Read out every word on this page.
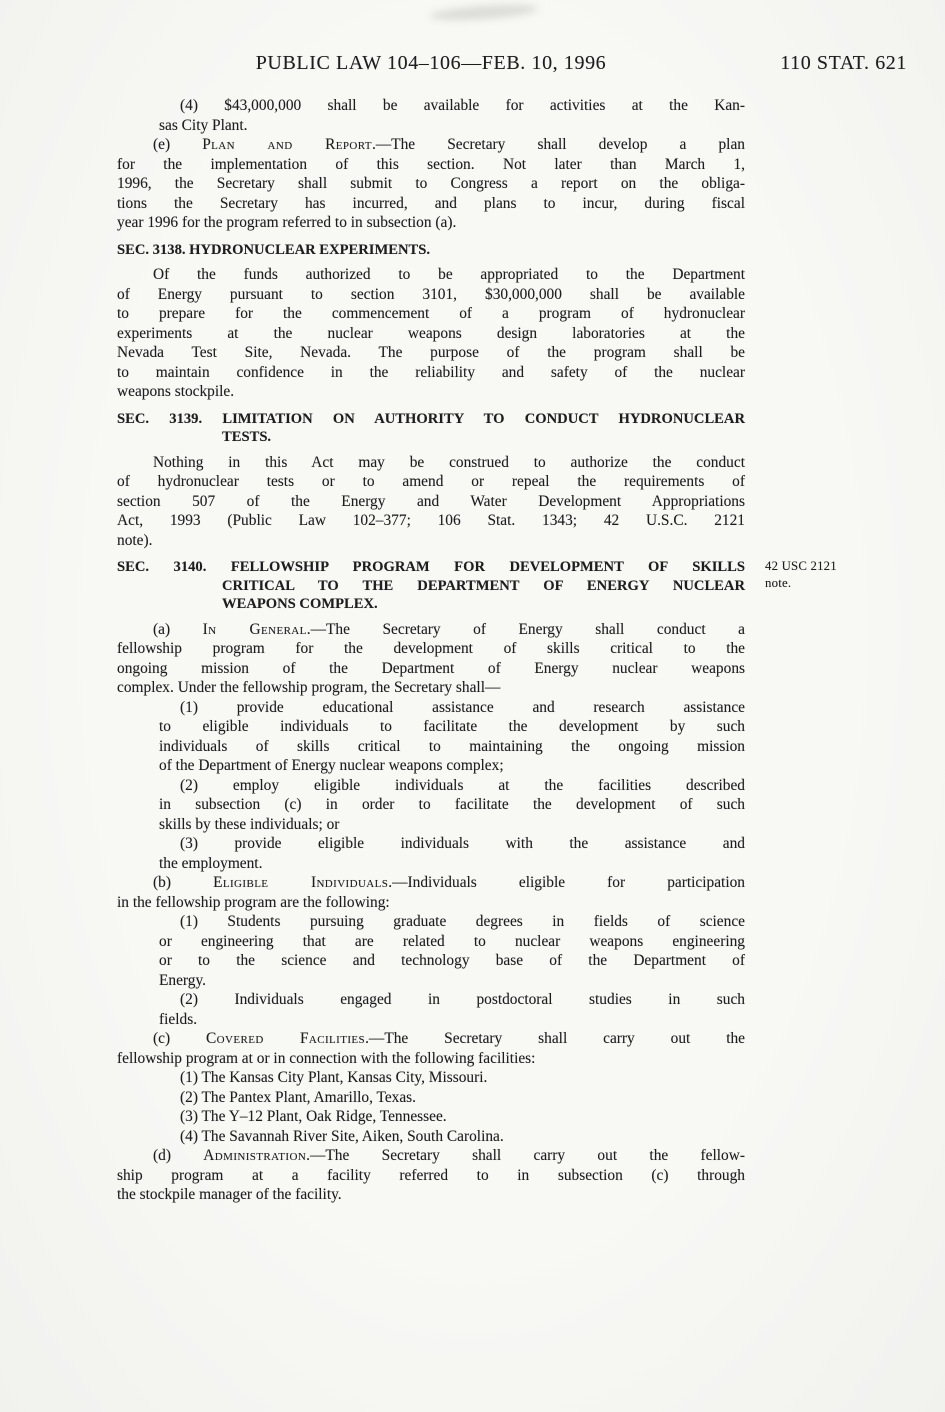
PUBLIC LAW 104–106—FEB. 10, 1996	110 STAT. 621
(4) $43,000,000 shall be available for activities at the Kan-
sas City Plant.
(e) Plan and Report.—The Secretary shall develop a plan
for the implementation of this section. Not later than March 1,
1996, the Secretary shall submit to Congress a report on the obliga-
tions the Secretary has incurred, and plans to incur, during fiscal
year 1996 for the program referred to in subsection (a).
SEC. 3138. HYDRONUCLEAR EXPERIMENTS.
Of the funds authorized to be appropriated to the Department
of Energy pursuant to section 3101, $30,000,000 shall be available
to prepare for the commencement of a program of hydronuclear
experiments at the nuclear weapons design laboratories at the
Nevada Test Site, Nevada. The purpose of the program shall be
to maintain confidence in the reliability and safety of the nuclear
weapons stockpile.
SEC. 3139. LIMITATION ON AUTHORITY TO CONDUCT HYDRONUCLEAR
TESTS.
Nothing in this Act may be construed to authorize the conduct
of hydronuclear tests or to amend or repeal the requirements of
section 507 of the Energy and Water Development Appropriations
Act, 1993 (Public Law 102–377; 106 Stat. 1343; 42 U.S.C. 2121
note).
SEC. 3140. FELLOWSHIP PROGRAM FOR DEVELOPMENT OF SKILLS
CRITICAL TO THE DEPARTMENT OF ENERGY NUCLEAR
WEAPONS COMPLEX.
42 USC 2121
note.
(a) In General.—The Secretary of Energy shall conduct a
fellowship program for the development of skills critical to the
ongoing mission of the Department of Energy nuclear weapons
complex. Under the fellowship program, the Secretary shall—
(1) provide educational assistance and research assistance
to eligible individuals to facilitate the development by such
individuals of skills critical to maintaining the ongoing mission
of the Department of Energy nuclear weapons complex;
(2) employ eligible individuals at the facilities described
in subsection (c) in order to facilitate the development of such
skills by these individuals; or
(3) provide eligible individuals with the assistance and
the employment.
(b) Eligible Individuals.—Individuals eligible for participation
in the fellowship program are the following:
(1) Students pursuing graduate degrees in fields of science
or engineering that are related to nuclear weapons engineering
or to the science and technology base of the Department of
Energy.
(2) Individuals engaged in postdoctoral studies in such
fields.
(c) Covered Facilities.—The Secretary shall carry out the
fellowship program at or in connection with the following facilities:
(1) The Kansas City Plant, Kansas City, Missouri.
(2) The Pantex Plant, Amarillo, Texas.
(3) The Y–12 Plant, Oak Ridge, Tennessee.
(4) The Savannah River Site, Aiken, South Carolina.
(d) Administration.—The Secretary shall carry out the fellow-
ship program at a facility referred to in subsection (c) through
the stockpile manager of the facility.
